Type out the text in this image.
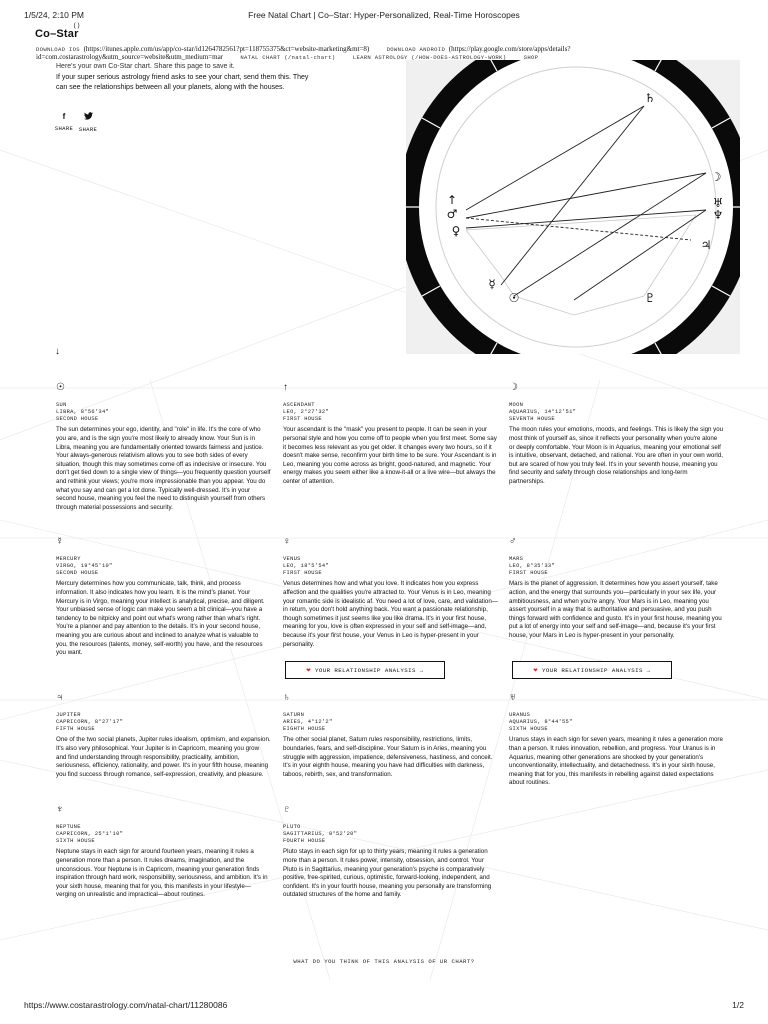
1/5/24, 2:10 PM	Free Natal Chart | Co–Star: Hyper-Personalized, Real-Time Horoscopes
Co–Star
()
DOWNLOAD IOS (https://itunes.apple.com/us/app/co-star/id1264782561?pt=118755375&ct=website-marketing&mt=8)	DOWNLOAD ANDROID (https://play.google.com/store/apps/details?
id=com.costarastrology&utm_source=website&utm_medium=mar	NATAL CHART (/natal-chart)	LEARN ASTROLOGY (/HOW-DOES-ASTROLOGY-WORK)	SHOP
Here's your own Co-Star chart. Share this page to save it.
If your super serious astrology friend asks to see your chart, send them this. They can see the relationships between all your planets, along with the houses.
f
SHARE	SHARE
♄
☽
♅
♆
♃
↑
♂
♀
☿
☉	♇
↓
☉
SUN
LIBRA, 8°56'34"
SECOND HOUSE
The sun determines your ego, identity, and "role" in life. It's the core of who you are, and is the sign you're most likely to already know. Your Sun is in Libra, meaning you are fundamentally oriented towards fairness and justice. Your always-generous relativism allows you to see both sides of every situation, though this may sometimes come off as indecisive or insecure. You don't get tied down to a single view of things—you frequently question yourself and rethink your views; you're more impressionable than you appear. You do what you say and can get a lot done. Typically well-dressed. It's in your second house, meaning you feel the need to distinguish yourself from others through material possessions and security.
↑
ASCENDANT
LEO, 2°27'32"
FIRST HOUSE
Your ascendant is the "mask" you present to people. It can be seen in your personal style and how you come off to people when you first meet. Some say it becomes less relevant as you get older. It changes every two hours, so if it doesn't make sense, reconfirm your birth time to be sure. Your Ascendant is in Leo, meaning you come across as bright, good-natured, and magnetic. Your energy makes you seem either like a know-it-all or a live wire—but always the center of attention.
☽
MOON
AQUARIUS, 14°12'51"
SEVENTH HOUSE
The moon rules your emotions, moods, and feelings. This is likely the sign you most think of yourself as, since it reflects your personality when you're alone or deeply comfortable. Your Moon is in Aquarius, meaning your emotional self is intuitive, observant, detached, and rational. You are often in your own world, but are scared of how you truly feel. It's in your seventh house, meaning you find security and safety through close relationships and long-term partnerships.
☿
MERCURY
VIRGO, 19°45'10"
SECOND HOUSE
Mercury determines how you communicate, talk, think, and process information. It also indicates how you learn. It is the mind's planet. Your Mercury is in Virgo, meaning your intellect is analytical, precise, and diligent. Your unbiased sense of logic can make you seem a bit clinical—you have a tendency to be nitpicky and point out what's wrong rather than what's right. You're a planner and pay attention to the details. It's in your second house, meaning you are curious about and inclined to analyze what is valuable to you, the resources (talents, money, self-worth) you have, and the resources you want.
♀
VENUS
LEO, 18°5'54"
FIRST HOUSE
Venus determines how and what you love. It indicates how you express affection and the qualities you're attracted to. Your Venus is in Leo, meaning your romantic side is idealistic af. You need a lot of love, care, and validation—in return, you don't hold anything back. You want a passionate relationship, though sometimes it just seems like you like drama. It's in your first house, meaning for you, love is often expressed in your self and self-image—and, because it's your first house, your Venus in Leo is hyper-present in your personality.
♂
MARS
LEO, 8°35'33"
FIRST HOUSE
Mars is the planet of aggression. It determines how you assert yourself, take action, and the energy that surrounds you—particularly in your sex life, your ambitiousness, and when you're angry. Your Mars is in Leo, meaning you assert yourself in a way that is authoritative and persuasive, and you push things forward with confidence and gusto. It's in your first house, meaning you put a lot of energy into your self and self-image—and, because it's your first house, your Mars in Leo is hyper-present in your personality.
❤ YOUR RELATIONSHIP ANALYSIS →	❤ YOUR RELATIONSHIP ANALYSIS →
♃
JUPITER
CAPRICORN, 8°27'17"
FIFTH HOUSE
One of the two social planets, Jupiter rules idealism, optimism, and expansion. It's also very philosophical. Your Jupiter is in Capricorn, meaning you grow and find understanding through responsibility, practicality, ambition, seriousness, efficiency, rationality, and power. It's in your fifth house, meaning you find success through romance, self-expression, creativity, and pleasure.
♄
SATURN
ARIES, 4°12'2"
EIGHTH HOUSE
The other social planet, Saturn rules responsibility, restrictions, limits, boundaries, fears, and self-discipline. Your Saturn is in Aries, meaning you struggle with aggression, impatience, defensiveness, hastiness, and conceit. It's in your eighth house, meaning you have had difficulties with darkness, taboos, rebirth, sex, and transformation.
♅
URANUS
AQUARIUS, 8°44'55"
SIXTH HOUSE
Uranus stays in each sign for seven years, meaning it rules a generation more than a person. It rules innovation, rebellion, and progress. Your Uranus is in Aquarius, meaning other generations are shocked by your generation's unconventionality, intellectuality, and detachedness. It's in your sixth house, meaning that for you, this manifests in rebelling against dated expectations about routines.
♆
NEPTUNE
CAPRICORN, 25°1'10"
SIXTH HOUSE
Neptune stays in each sign for around fourteen years, meaning it rules a generation more than a person. It rules dreams, imagination, and the unconscious. Your Neptune is in Capricorn, meaning your generation finds inspiration through hard work, responsibility, seriousness, and ambition. It's in your sixth house, meaning that for you, this manifests in your lifestyle—verging on unrealistic and impractical—about routines.
♇
PLUTO
SAGITTARIUS, 8°52'20"
FOURTH HOUSE
Pluto stays in each sign for up to thirty years, meaning it rules a generation more than a person. It rules power, intensity, obsession, and control. Your Pluto is in Sagittarius, meaning your generation's psyche is comparatively positive, free-spirited, curious, optimistic, forward-looking, independent, and confident. It's in your fourth house, meaning you personally are transforming outdated structures of the home and family.
WHAT DO YOU THINK OF THIS ANALYSIS OF UR CHART?
https://www.costarastrology.com/natal-chart/11280086	1/2
